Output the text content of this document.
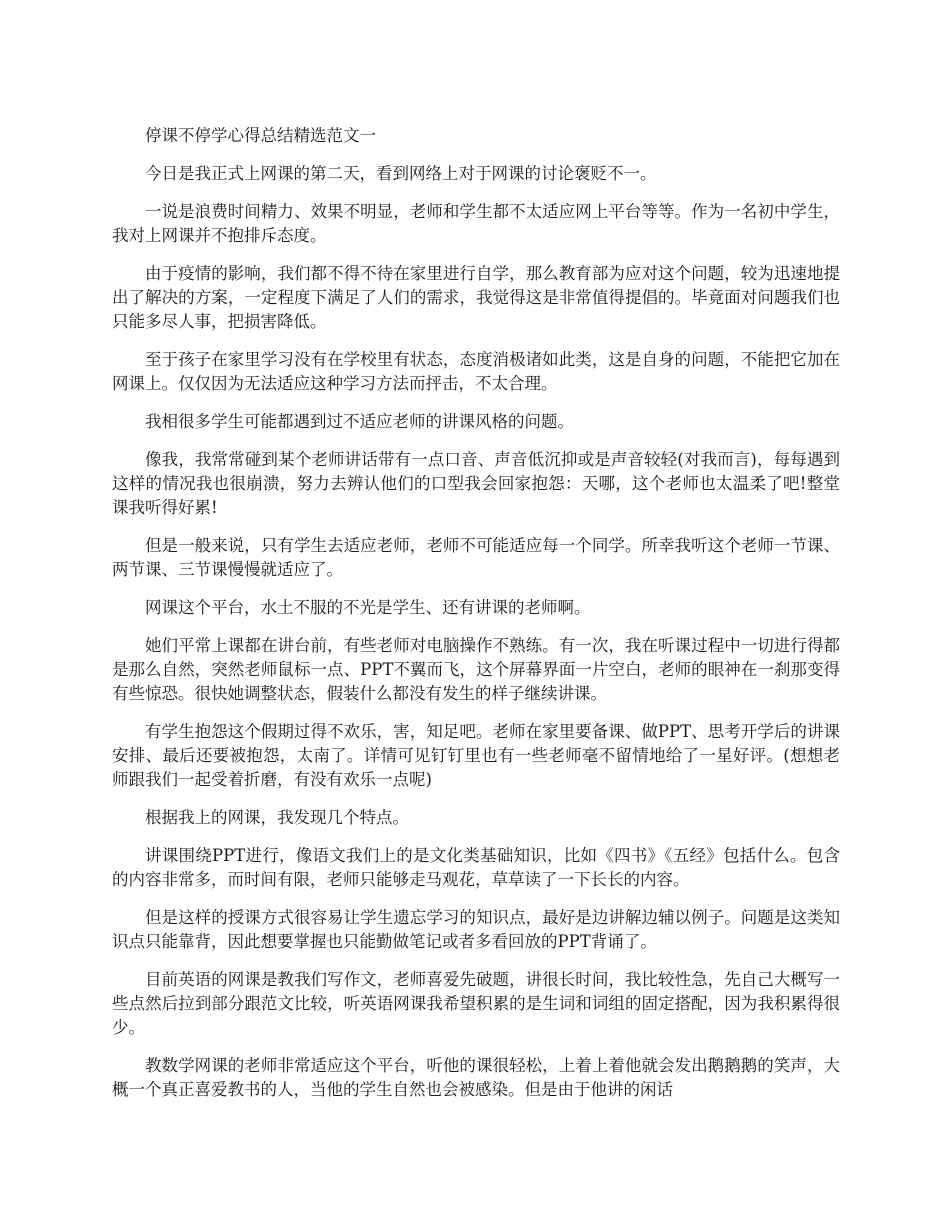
停课不停学心得总结精选范文一

今日是我正式上网课的第二天，看到网络上对于网课的讨论褒贬不一。

一说是浪费时间精力、效果不明显，老师和学生都不太适应网上平台等等。作为一名初中学生，我对上网课并不抱排斥态度。

由于疫情的影响，我们都不得不待在家里进行自学，那么教育部为应对这个问题，较为迅速地提出了解决的方案，一定程度下满足了人们的需求，我觉得这是非常值得提倡的。毕竟面对问题我们也只能多尽人事，把损害降低。

至于孩子在家里学习没有在学校里有状态，态度消极诸如此类，这是自身的问题，不能把它加在网课上。仅仅因为无法适应这种学习方法而抨击，不太合理。

我相很多学生可能都遇到过不适应老师的讲课风格的问题。

像我，我常常碰到某个老师讲话带有一点口音、声音低沉抑或是声音较轻(对我而言)，每每遇到这样的情况我也很崩溃，努力去辨认他们的口型我会回家抱怨：天哪，这个老师也太温柔了吧!整堂课我听得好累!

但是一般来说，只有学生去适应老师，老师不可能适应每一个同学。所幸我听这个老师一节课、两节课、三节课慢慢就适应了。

网课这个平台，水土不服的不光是学生、还有讲课的老师啊。

她们平常上课都在讲台前，有些老师对电脑操作不熟练。有一次，我在听课过程中一切进行得都是那么自然，突然老师鼠标一点、PPT不翼而飞，这个屏幕界面一片空白，老师的眼神在一刹那变得有些惊恐。很快她调整状态，假装什么都没有发生的样子继续讲课。

有学生抱怨这个假期过得不欢乐，害，知足吧。老师在家里要备课、做PPT、思考开学后的讲课安排、最后还要被抱怨，太南了。详情可见钉钉里也有一些老师毫不留情地给了一星好评。(想想老师跟我们一起受着折磨，有没有欢乐一点呢)

根据我上的网课，我发现几个特点。

讲课围绕PPT进行，像语文我们上的是文化类基础知识，比如《四书》《五经》包括什么。包含的内容非常多，而时间有限，老师只能够走马观花，草草读了一下长长的内容。

但是这样的授课方式很容易让学生遗忘学习的知识点，最好是边讲解边辅以例子。问题是这类知识点只能靠背，因此想要掌握也只能勤做笔记或者多看回放的PPT背诵了。

目前英语的网课是教我们写作文，老师喜爱先破题，讲很长时间，我比较性急，先自己大概写一些点然后拉到部分跟范文比较，听英语网课我希望积累的是生词和词组的固定搭配，因为我积累得很少。

教数学网课的老师非常适应这个平台，听他的课很轻松，上着上着他就会发出鹅鹅鹅的笑声，大概一个真正喜爱教书的人，当他的学生自然也会被感染。但是由于他讲的闲话
